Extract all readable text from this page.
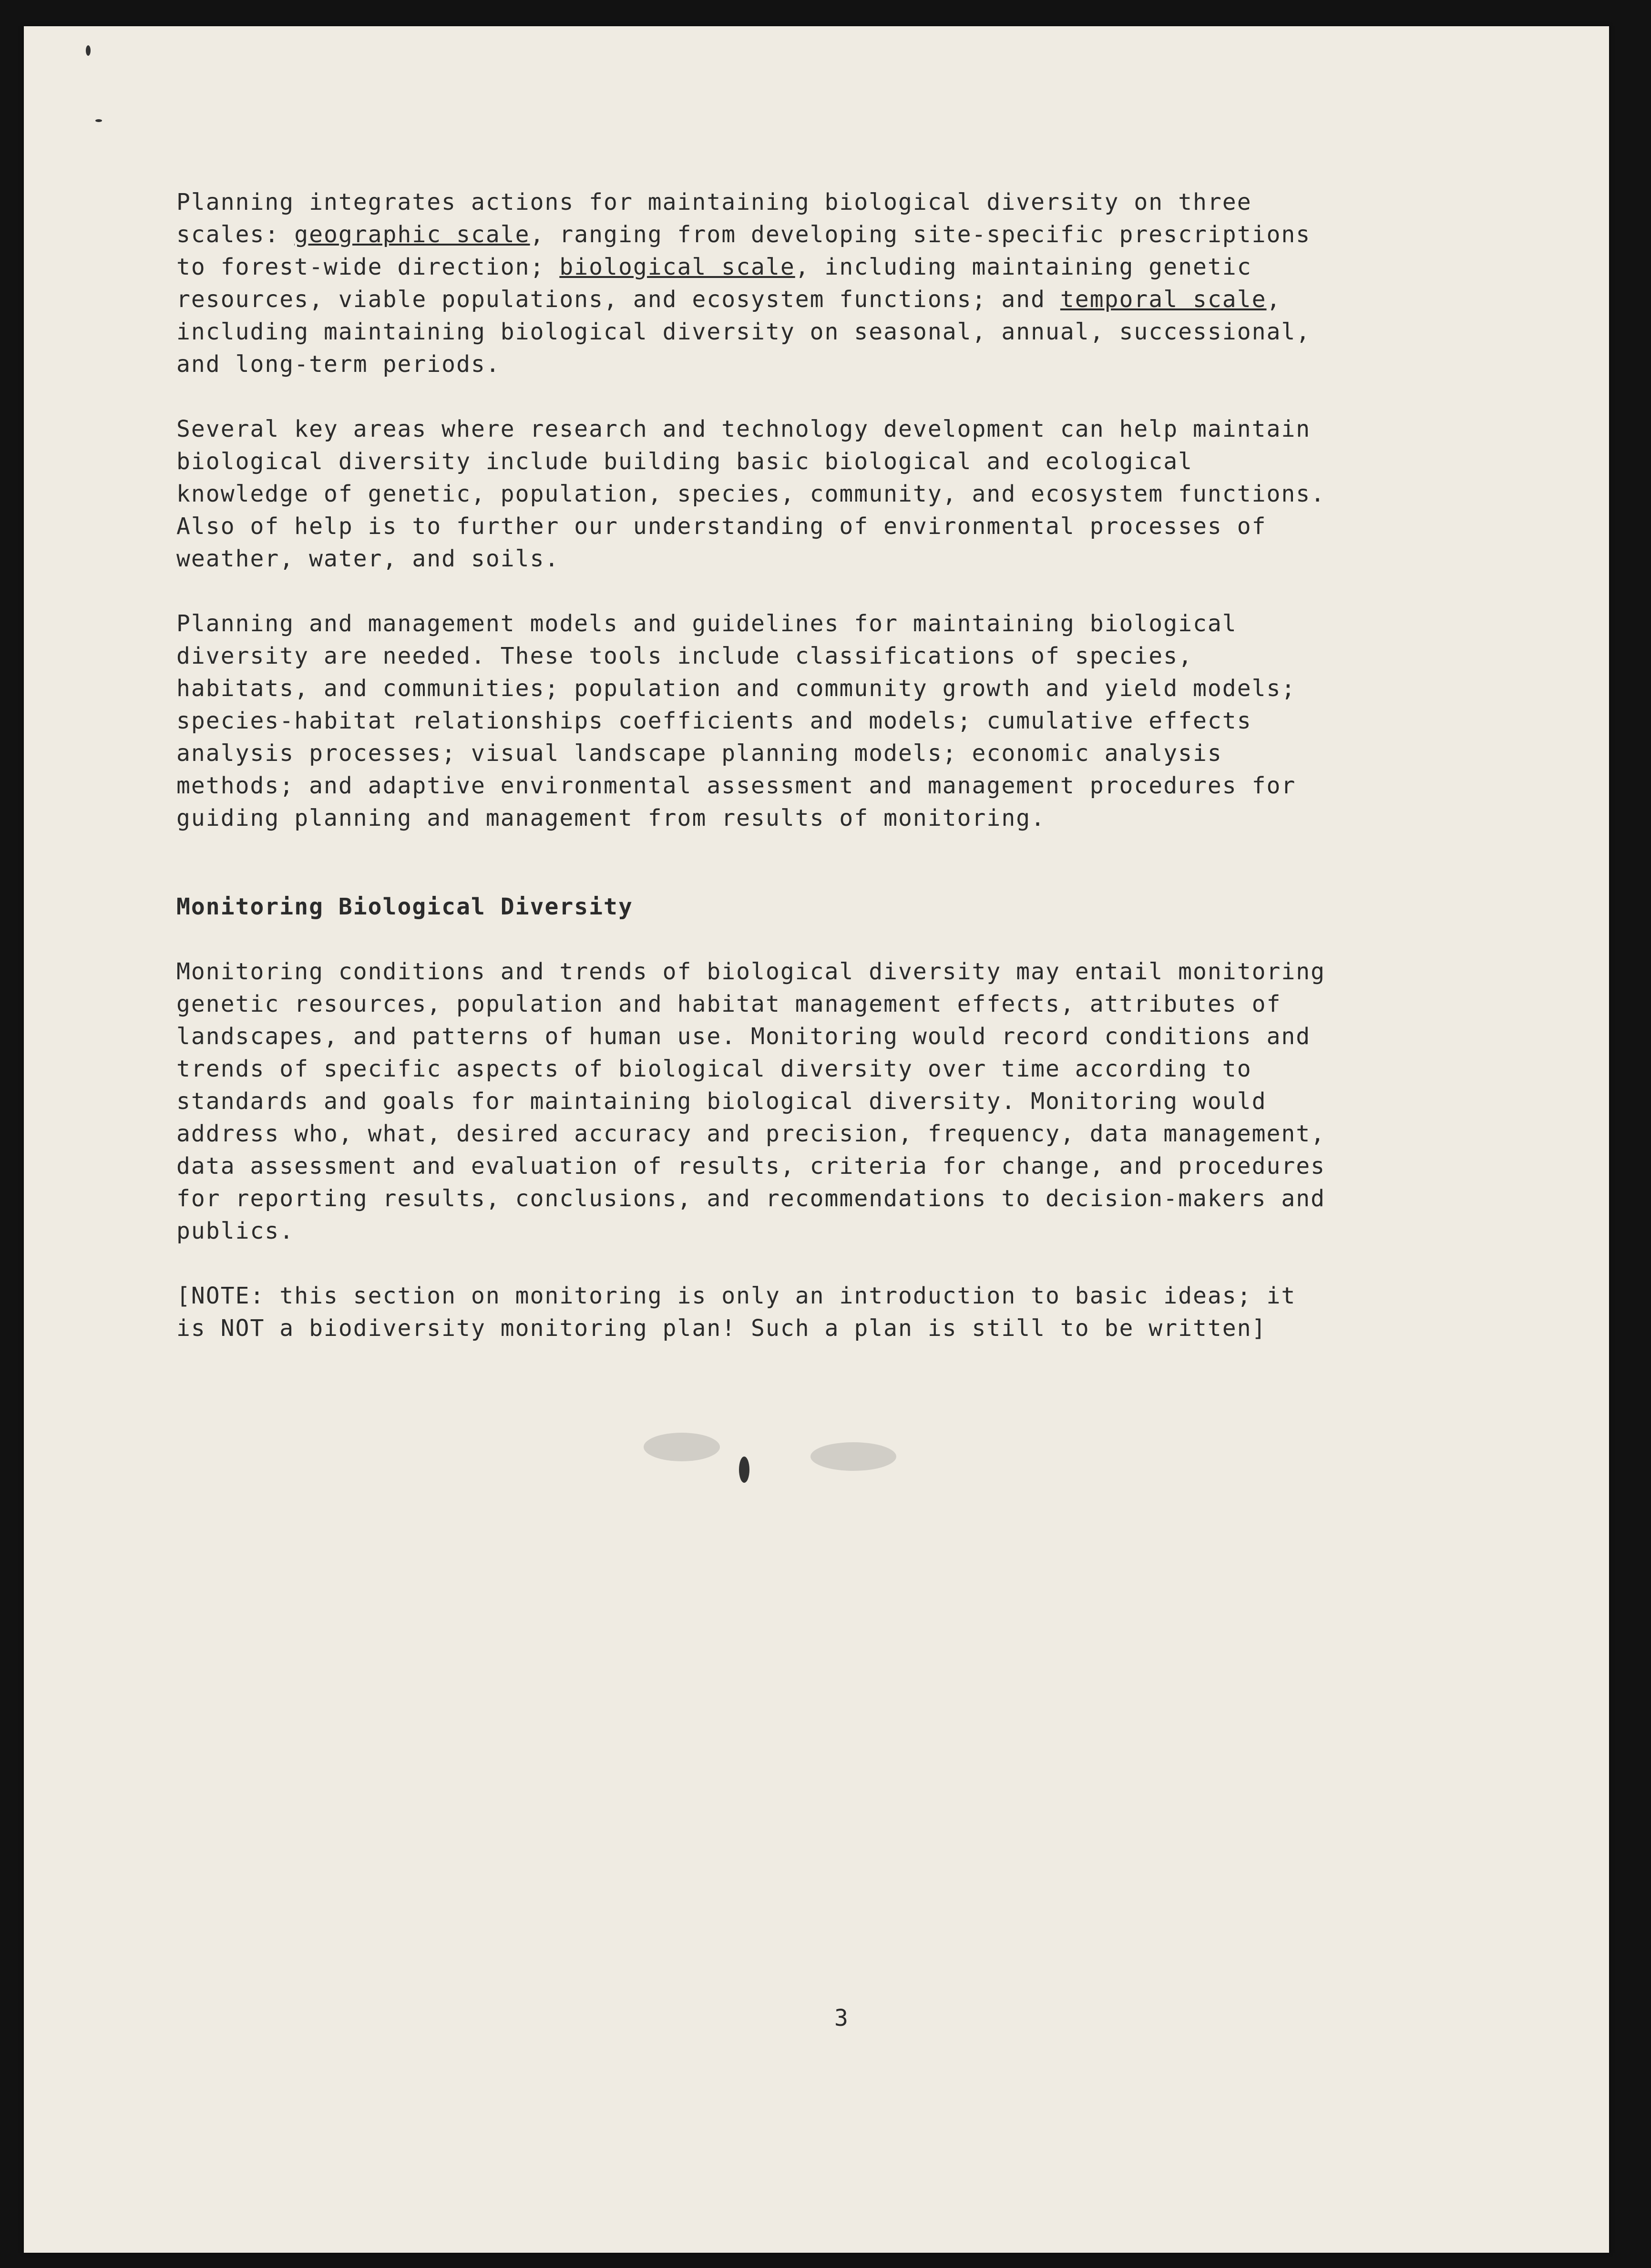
Planning integrates actions for maintaining biological diversity on three
scales: geographic scale, ranging from developing site-specific prescriptions
to forest-wide direction; biological scale, including maintaining genetic
resources, viable populations, and ecosystem functions; and temporal scale,
including maintaining biological diversity on seasonal, annual, successional,
and long-term periods.
Several key areas where research and technology development can help maintain
biological diversity include building basic biological and ecological
knowledge of genetic, population, species, community, and ecosystem functions.
Also of help is to further our understanding of environmental processes of
weather, water, and soils.
Planning and management models and guidelines for maintaining biological
diversity are needed. These tools include classifications of species,
habitats, and communities; population and community growth and yield models;
species-habitat relationships coefficients and models; cumulative effects
analysis processes; visual landscape planning models; economic analysis
methods; and adaptive environmental assessment and management procedures for
guiding planning and management from results of monitoring.
Monitoring Biological Diversity
Monitoring conditions and trends of biological diversity may entail monitoring
genetic resources, population and habitat management effects, attributes of
landscapes, and patterns of human use. Monitoring would record conditions and
trends of specific aspects of biological diversity over time according to
standards and goals for maintaining biological diversity. Monitoring would
address who, what, desired accuracy and precision, frequency, data management,
data assessment and evaluation of results, criteria for change, and procedures
for reporting results, conclusions, and recommendations to decision-makers and
publics.
[NOTE: this section on monitoring is only an introduction to basic ideas; it
is NOT a biodiversity monitoring plan! Such a plan is still to be written]
3
